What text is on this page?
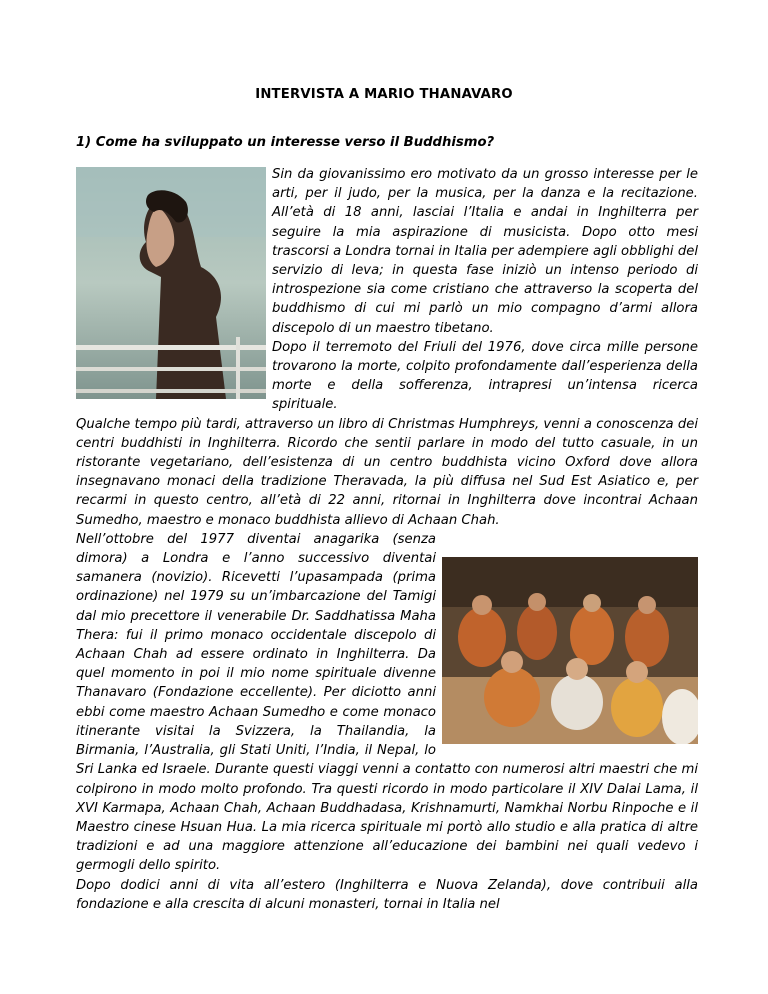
INTERVISTA A MARIO THANAVARO
1) Come ha sviluppato un interesse verso il Buddhismo?

Sin da giovanissimo ero motivato da un grosso interesse per le arti, per il judo, per la musica, per la danza e la recitazione. All’età di 18 anni, lasciai l’Italia e andai in Inghilterra per seguire la mia aspirazione di musicista. Dopo otto mesi trascorsi a Londra tornai in Italia per adempiere agli obblighi del servizio di leva; in questa fase iniziò un intenso periodo di introspezione sia come cristiano che attraverso la scoperta del buddhismo di cui mi parlò un mio compagno d’armi allora discepolo di un maestro tibetano.

Dopo il terremoto del Friuli del 1976, dove circa mille persone trovarono la morte, colpito profondamente dall’esperienza della morte e della sofferenza, intrapresi un’intensa ricerca spirituale.

Qualche tempo più tardi, attraverso un libro di Christmas Humphreys, venni a conoscenza dei centri buddhisti in Inghilterra. Ricordo che sentii parlare in modo del tutto casuale, in un ristorante vegetariano, dell’esistenza di un centro buddhista vicino Oxford dove allora insegnavano monaci della tradizione Theravada, la più diffusa nel Sud Est Asiatico e, per recarmi in questo centro, all’età di 22 anni, ritornai in Inghilterra dove incontrai Achaan Sumedho, maestro e monaco buddhista allievo di Achaan Chah.

Nell’ottobre del 1977 diventai anagarika (senza dimora) a Londra e l’anno successivo diventai samanera (novizio). Ricevetti l’upasampada (prima ordinazione) nel 1979 su un’imbarcazione del Tamigi dal mio precettore il venerabile Dr. Saddhatissa Maha Thera: fui il primo monaco occidentale discepolo di Achaan Chah ad essere ordinato in Inghilterra. Da quel momento in poi il mio nome spirituale divenne Thanavaro (Fondazione eccellente). Per diciotto anni ebbi come maestro Achaan Sumedho e come monaco itinerante visitai la Svizzera, la Thailandia, la Birmania, l’Australia, gli Stati Uniti, l’India, il Nepal, lo Sri Lanka ed Israele. Durante questi viaggi venni a contatto con numerosi altri maestri che mi colpirono in modo molto profondo. Tra questi ricordo in modo particolare il XIV Dalai Lama, il XVI Karmapa, Achaan Chah, Achaan Buddhadasa, Krishnamurti, Namkhai Norbu Rinpoche e il Maestro cinese Hsuan Hua. La mia ricerca spirituale mi portò allo studio e alla pratica di altre tradizioni e ad una maggiore attenzione all’educazione dei bambini nei quali vedevo i germogli dello spirito.

Dopo dodici anni di vita all’estero (Inghilterra e Nuova Zelanda), dove contribuii alla fondazione e alla crescita di alcuni monasteri, tornai in Italia nel
